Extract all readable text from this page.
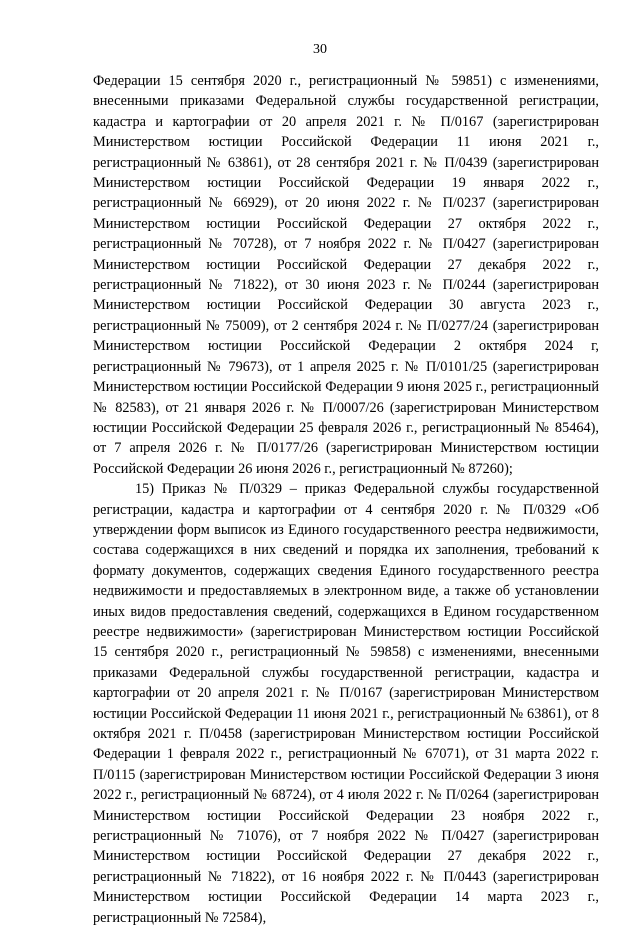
30

Федерации 15 сентября 2020 г., регистрационный № 59851) с изменениями, внесенными приказами Федеральной службы государственной регистрации, кадастра и картографии от 20 апреля 2021 г. № П/0167 (зарегистрирован Министерством юстиции Российской Федерации 11 июня 2021 г., регистрационный № 63861), от 28 сентября 2021 г. № П/0439 (зарегистрирован Министерством юстиции Российской Федерации 19 января 2022 г., регистрационный № 66929), от 20 июня 2022 г. № П/0237 (зарегистрирован Министерством юстиции Российской Федерации 27 октября 2022 г., регистрационный № 70728), от 7 ноября 2022 г. № П/0427 (зарегистрирован Министерством юстиции Российской Федерации 27 декабря 2022 г., регистрационный № 71822), от 30 июня 2023 г. № П/0244 (зарегистрирован Министерством юстиции Российской Федерации 30 августа 2023 г., регистрационный № 75009), от 2 сентября 2024 г. № П/0277/24 (зарегистрирован Министерством юстиции Российской Федерации 2 октября 2024 г, регистрационный № 79673), от 1 апреля 2025 г. № П/0101/25 (зарегистрирован Министерством юстиции Российской Федерации 9 июня 2025 г., регистрационный № 82583), от 21 января 2026 г. № П/0007/26 (зарегистрирован Министерством юстиции Российской Федерации 25 февраля 2026 г., регистрационный № 85464), от 7 апреля 2026 г. № П/0177/26 (зарегистрирован Министерством юстиции Российской Федерации 26 июня 2026 г., регистрационный № 87260);

15) Приказ № П/0329 – приказ Федеральной службы государственной регистрации, кадастра и картографии от 4 сентября 2020 г. № П/0329 «Об утверждении форм выписок из Единого государственного реестра недвижимости, состава содержащихся в них сведений и порядка их заполнения, требований к формату документов, содержащих сведения Единого государственного реестра недвижимости и предоставляемых в электронном виде, а также об установлении иных видов предоставления сведений, содержащихся в Едином государственном реестре недвижимости» (зарегистрирован Министерством юстиции Российской 15 сентября 2020 г., регистрационный № 59858) с изменениями, внесенными приказами Федеральной службы государственной регистрации, кадастра и картографии от 20 апреля 2021 г. № П/0167 (зарегистрирован Министерством юстиции Российской Федерации 11 июня 2021 г., регистрационный № 63861), от 8 октября 2021 г. П/0458 (зарегистрирован Министерством юстиции Российской Федерации 1 февраля 2022 г., регистрационный № 67071), от 31 марта 2022 г. П/0115 (зарегистрирован Министерством юстиции Российской Федерации 3 июня 2022 г., регистрационный № 68724), от 4 июля 2022 г. № П/0264 (зарегистрирован Министерством юстиции Российской Федерации 23 ноября 2022 г., регистрационный № 71076), от 7 ноября 2022 № П/0427 (зарегистрирован Министерством юстиции Российской Федерации 27 декабря 2022 г., регистрационный № 71822), от 16 ноября 2022 г. № П/0443 (зарегистрирован Министерством юстиции Российской Федерации 14 марта 2023 г., регистрационный № 72584),
